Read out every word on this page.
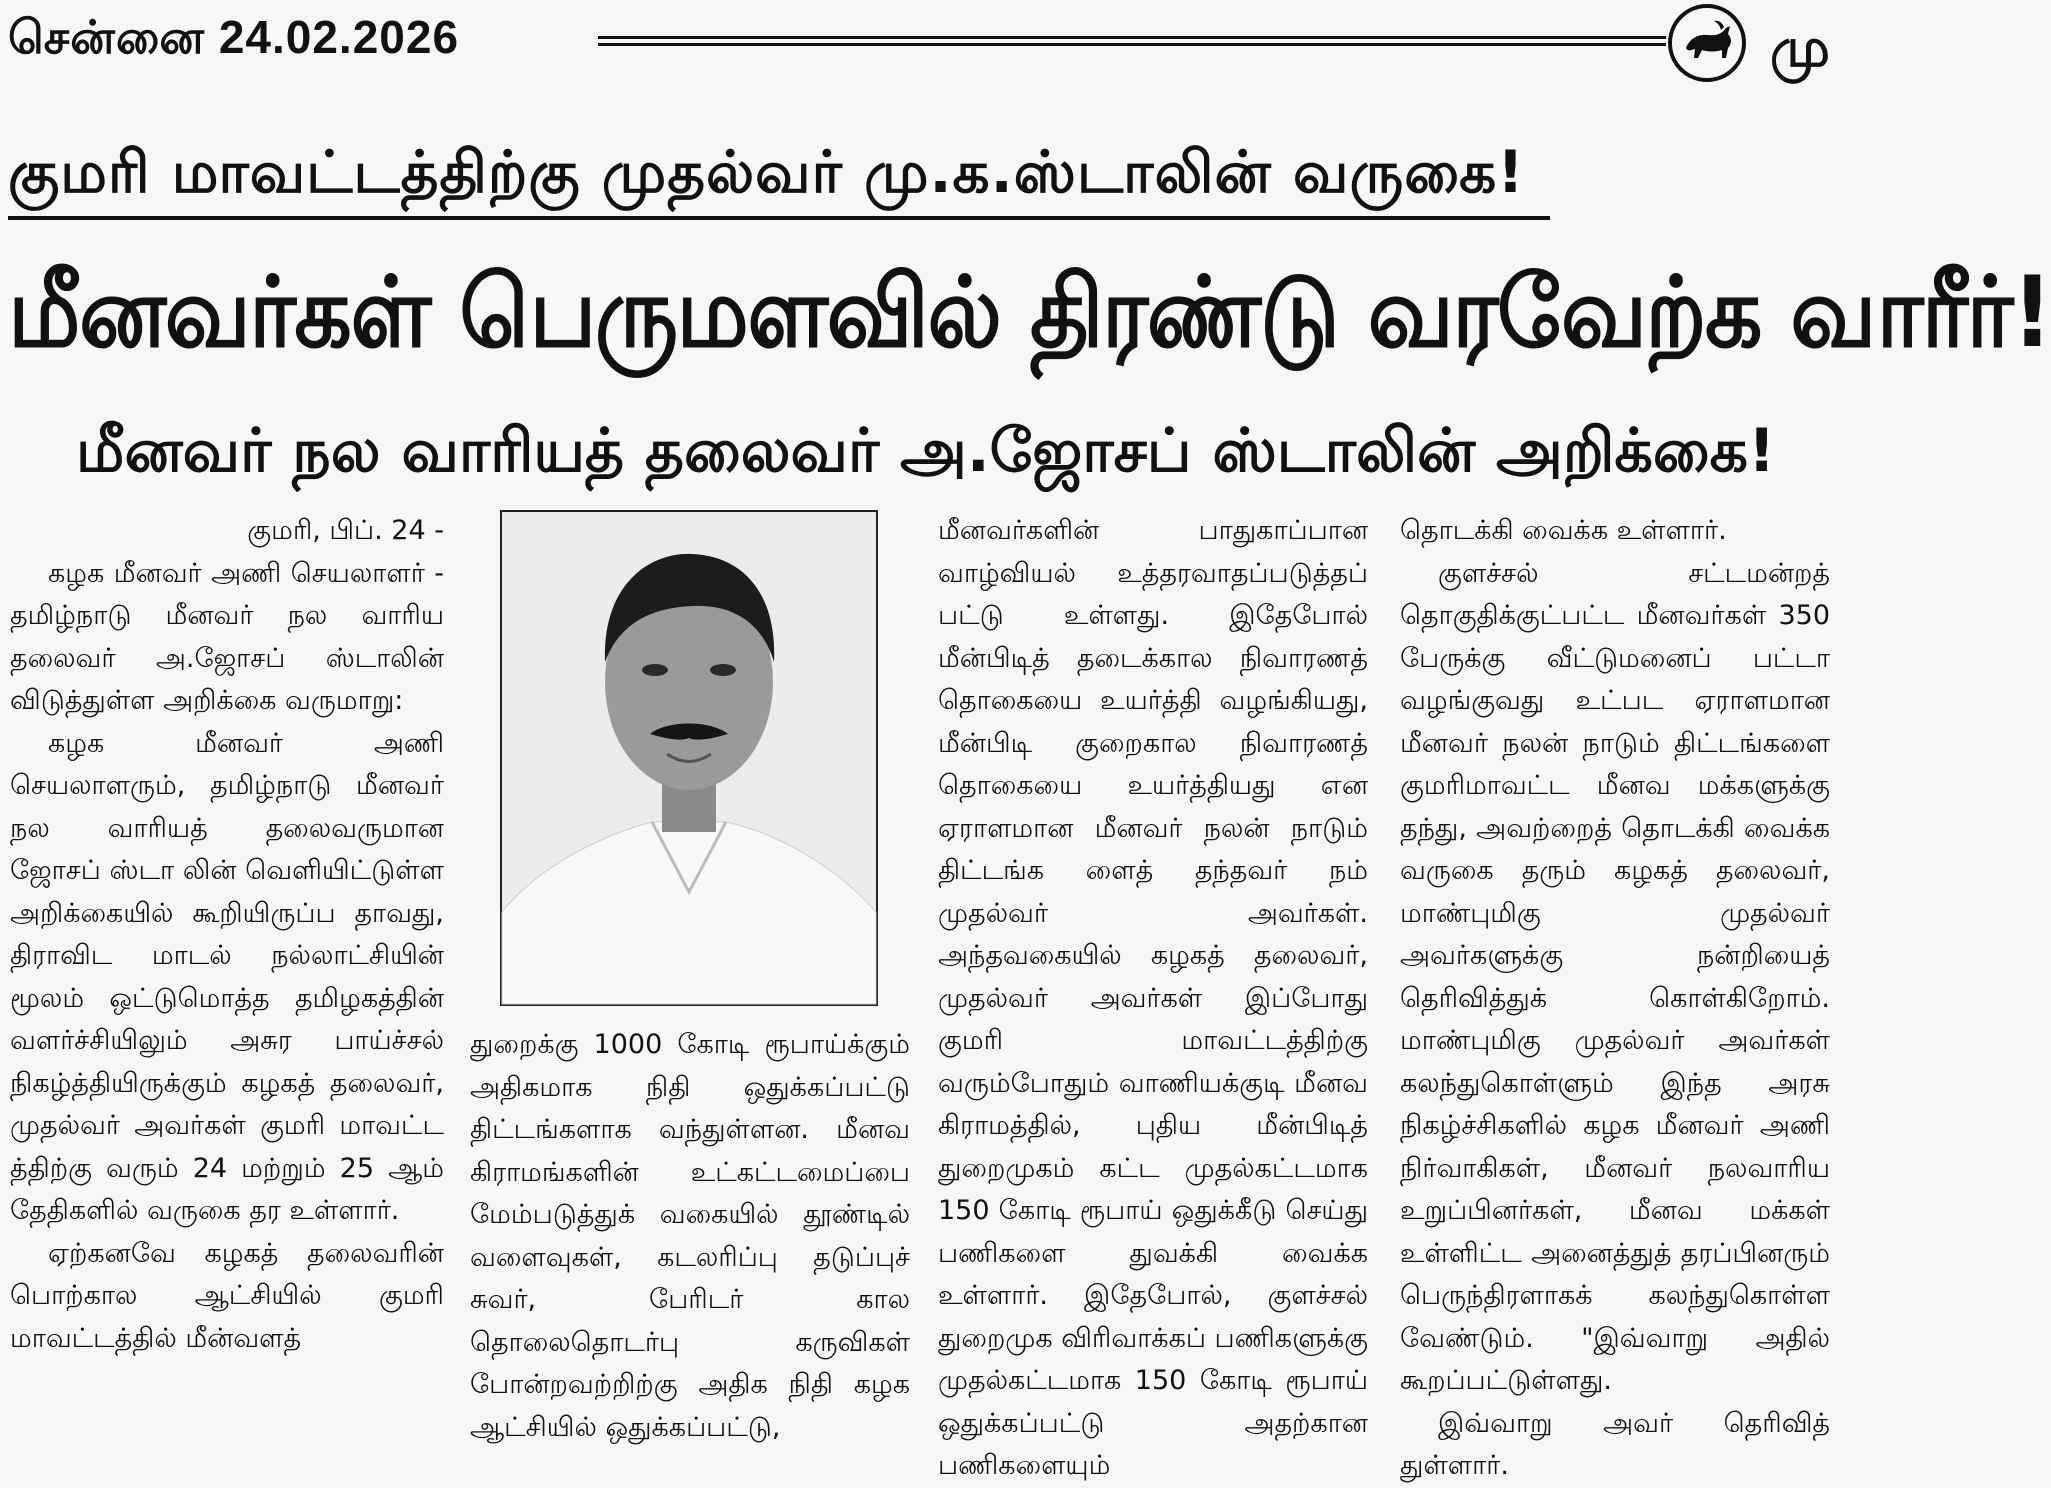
சென்னை 24.02.2026	மு
குமரி மாவட்டத்திற்கு முதல்வர் மு.க.ஸ்டாலின் வருகை!
மீனவர்கள் பெருமளவில் திரண்டு வரவேற்க வாரீர்!
மீனவர் நல வாரியத் தலைவர் அ.ஜோசப் ஸ்டாலின் அறிக்கை!

குமரி, பிப். 24 -

கழக மீனவர் அணி செயலாளர் - தமிழ்நாடு மீனவர் நல வாரிய தலைவர் அ.ஜோசப் ஸ்டாலின் விடுத்துள்ள அறிக்கை வருமாறு:

கழக மீனவர் அணி செயலாளரும், தமிழ்நாடு மீனவர் நல வாரியத் தலைவருமான ஜோசப் ஸ்டா லின் வெளியிட்டுள்ள அறிக்கையில் கூறியிருப்ப தாவது, திராவிட மாடல் நல்லாட்சியின் மூலம் ஒட்டுமொத்த தமிழகத்தின் வளர்ச்சியிலும் அசுர பாய்ச்சல் நிகழ்த்தியிருக்கும் கழகத் தலைவர், முதல்வர் அவர்கள் குமரி மாவட்ட த்திற்கு வரும் 24 மற்றும் 25 ஆம் தேதிகளில் வருகை தர உள்ளார்.

ஏற்கனவே கழகத் தலைவரின் பொற்கால ஆட்சியில் குமரி மாவட்டத்தில் மீன்வளத்

துறைக்கு 1000 கோடி ரூபாய்க்கும் அதிகமாக நிதி ஒதுக்கப்பட்டு திட்டங்களாக வந்துள்ளன. மீனவ கிராமங்களின் உட்கட்டமைப்பை மேம்படுத்துக் வகையில் தூண்டில் வளைவுகள், கடலரிப்பு தடுப்புச் சுவர், பேரிடர் கால தொலைதொடர்பு கருவிகள் போன்றவற்றிற்கு அதிக நிதி கழக ஆட்சியில் ஒதுக்கப்பட்டு,

மீனவர்களின் பாதுகாப்பான வாழ்வியல் உத்தரவாதப்படுத்தப் பட்டு உள்ளது. இதேபோல் மீன்பிடித் தடைக்கால நிவாரணத் தொகையை உயர்த்தி வழங்கியது, மீன்பிடி குறைகால நிவாரணத் தொகையை உயர்த்தியது என ஏராளமான மீனவர் நலன் நாடும் திட்டங்க ளைத் தந்தவர் நம் முதல்வர் அவர்கள். அந்தவகையில் கழகத் தலைவர், முதல்வர் அவர்கள் இப்போது குமரி மாவட்டத்திற்கு வரும்போதும் வாணியக்குடி மீனவ கிராமத்தில், புதிய மீன்பிடித் துறைமுகம் கட்ட முதல்கட்டமாக 150 கோடி ரூபாய் ஒதுக்கீடு செய்து பணிகளை துவக்கி வைக்க உள்ளார். இதேபோல், குளச்சல் துறைமுக விரிவாக்கப் பணிகளுக்கு முதல்கட்டமாக 150 கோடி ரூபாய் ஒதுக்கப்பட்டு அதற்கான பணிகளையும்

தொடக்கி வைக்க உள்ளார்.

குளச்சல் சட்டமன்றத் தொகுதிக்குட்பட்ட மீனவர்கள் 350 பேருக்கு வீட்டுமனைப் பட்டா வழங்குவது உட்பட ஏராளமான மீனவர் நலன் நாடும் திட்டங்களை குமரிமாவட்ட மீனவ மக்களுக்கு தந்து, அவற்றைத் தொடக்கி வைக்க வருகை தரும் கழகத் தலைவர், மாண்புமிகு முதல்வர் அவர்களுக்கு நன்றியைத் தெரிவித்துக் கொள்கிறோம். மாண்புமிகு முதல்வர் அவர்கள் கலந்துகொள்ளும் இந்த அரசு நிகழ்ச்சிகளில் கழக மீனவர் அணி நிர்வாகிகள், மீனவர் நலவாரிய உறுப்பினர்கள், மீனவ மக்கள் உள்ளிட்ட அனைத்துத் தரப்பினரும் பெருந்திரளாகக் கலந்துகொள்ள வேண்டும். "இவ்வாறு அதில் கூறப்பட்டுள்ளது.

இவ்வாறு அவர் தெரிவித் துள்ளார்.
